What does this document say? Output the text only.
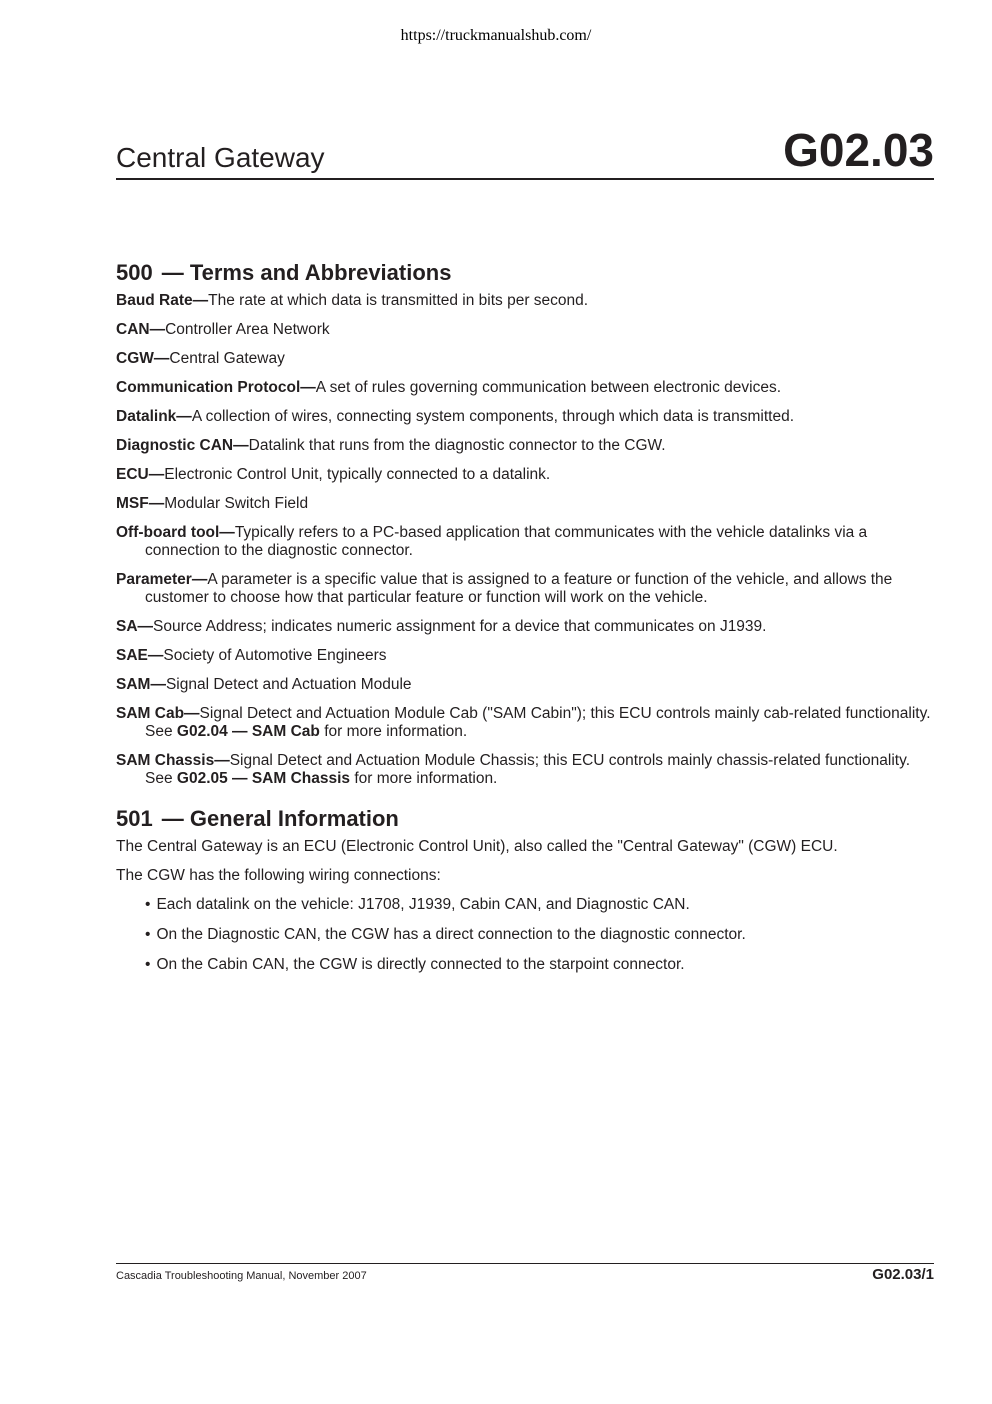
https://truckmanualshub.com/
Central Gateway	G02.03
500 — Terms and Abbreviations
Baud Rate—The rate at which data is transmitted in bits per second.
CAN—Controller Area Network
CGW—Central Gateway
Communication Protocol—A set of rules governing communication between electronic devices.
Datalink—A collection of wires, connecting system components, through which data is transmitted.
Diagnostic CAN—Datalink that runs from the diagnostic connector to the CGW.
ECU—Electronic Control Unit, typically connected to a datalink.
MSF—Modular Switch Field
Off-board tool—Typically refers to a PC-based application that communicates with the vehicle datalinks via a connection to the diagnostic connector.
Parameter—A parameter is a specific value that is assigned to a feature or function of the vehicle, and allows the customer to choose how that particular feature or function will work on the vehicle.
SA—Source Address; indicates numeric assignment for a device that communicates on J1939.
SAE—Society of Automotive Engineers
SAM—Signal Detect and Actuation Module
SAM Cab—Signal Detect and Actuation Module Cab ("SAM Cabin"); this ECU controls mainly cab-related functionality. See G02.04 — SAM Cab for more information.
SAM Chassis—Signal Detect and Actuation Module Chassis; this ECU controls mainly chassis-related functionality. See G02.05 — SAM Chassis for more information.
501 — General Information
The Central Gateway is an ECU (Electronic Control Unit), also called the "Central Gateway" (CGW) ECU.
The CGW has the following wiring connections:
• Each datalink on the vehicle: J1708, J1939, Cabin CAN, and Diagnostic CAN.
• On the Diagnostic CAN, the CGW has a direct connection to the diagnostic connector.
• On the Cabin CAN, the CGW is directly connected to the starpoint connector.
Cascadia Troubleshooting Manual, November 2007	G02.03/1
